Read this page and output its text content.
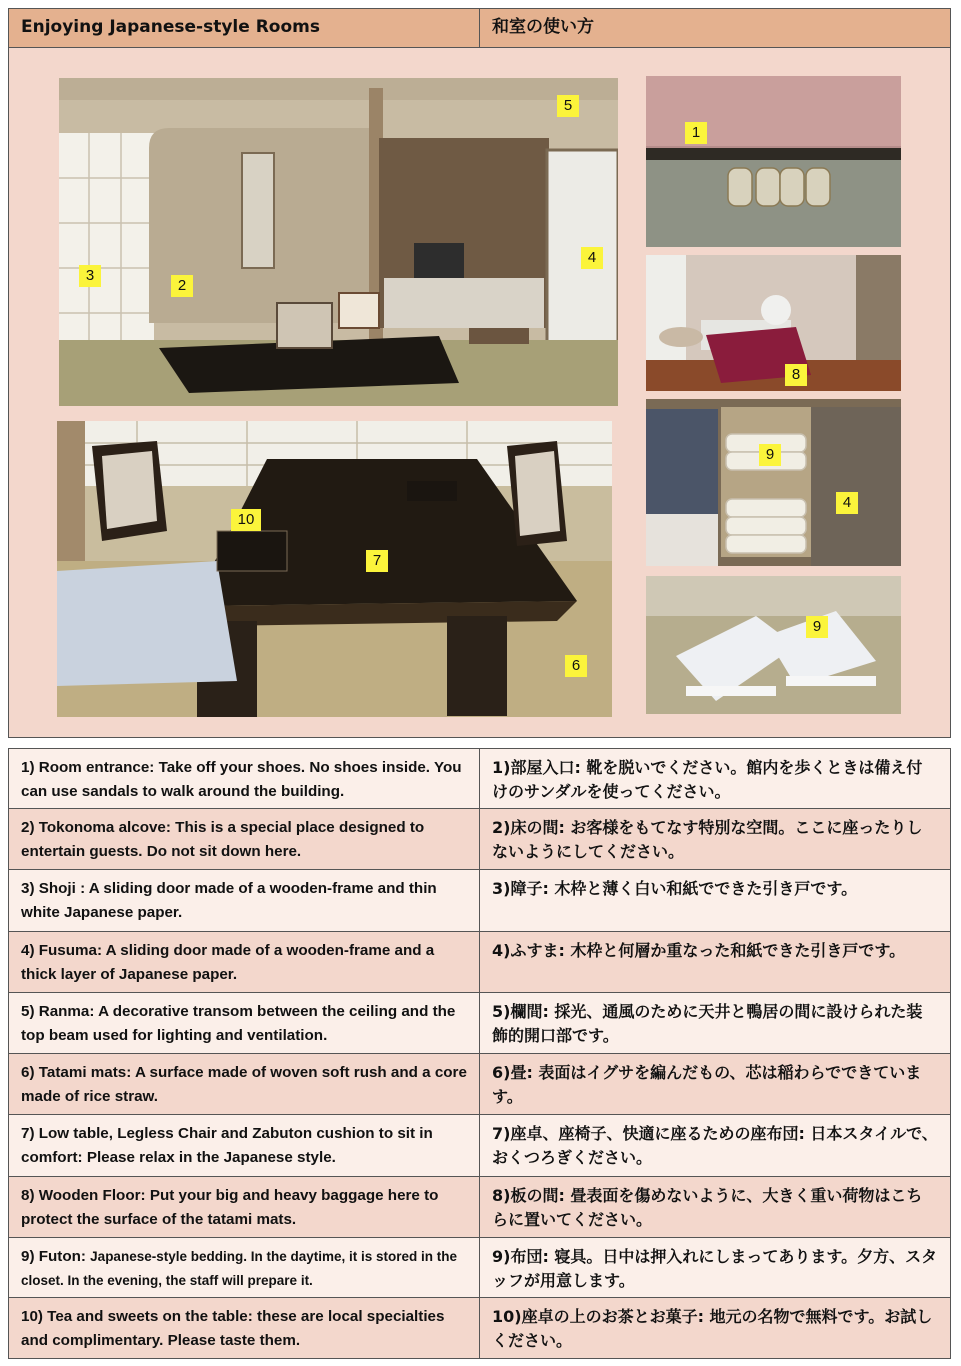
Enjoying Japanese-style Rooms	和室の使い方
5
3
2
4
1
8
9
4
9
10
7
6
1) Room entrance: Take off your shoes. No shoes inside. You can use sandals to walk around the building.	1)部屋入口: 靴を脱いでください。館内を歩くときは備え付けのサンダルを使ってください。
2) Tokonoma alcove: This is a special place designed to entertain guests. Do not sit down here.	2)床の間: お客様をもてなす特別な空間。ここに座ったりしないようにしてください。
3) Shoji : A sliding door made of a wooden-frame and thin white Japanese paper.	3)障子: 木枠と薄く白い和紙でできた引き戸です。
4) Fusuma: A sliding door made of a wooden-frame and a thick layer of Japanese paper.	4)ふすま: 木枠と何層か重なった和紙できた引き戸です。
5) Ranma: A decorative transom between the ceiling and the top beam used for lighting and ventilation.	5)欄間: 採光、通風のために天井と鴨居の間に設けられた装飾的開口部です。
6) Tatami mats: A surface made of woven soft rush and a core made of rice straw.	6)畳: 表面はイグサを編んだもの、芯は稲わらでできています。
7) Low table, Legless Chair and Zabuton cushion to sit in comfort: Please relax in the Japanese style.	7)座卓、座椅子、快適に座るための座布団: 日本スタイルで、おくつろぎください。
8) Wooden Floor: Put your big and heavy baggage here to protect the surface of the tatami mats.	8)板の間: 畳表面を傷めないように、大きく重い荷物はこちらに置いてください。
9) Futon: Japanese-style bedding. In the daytime, it is stored in the closet. In the evening, the staff will prepare it.	9)布団: 寝具。日中は押入れにしまってあります。夕方、スタッフが用意します。
10) Tea and sweets on the table: these are local specialties and complimentary. Please taste them.	10)座卓の上のお茶とお菓子: 地元の名物で無料です。お試しください。
